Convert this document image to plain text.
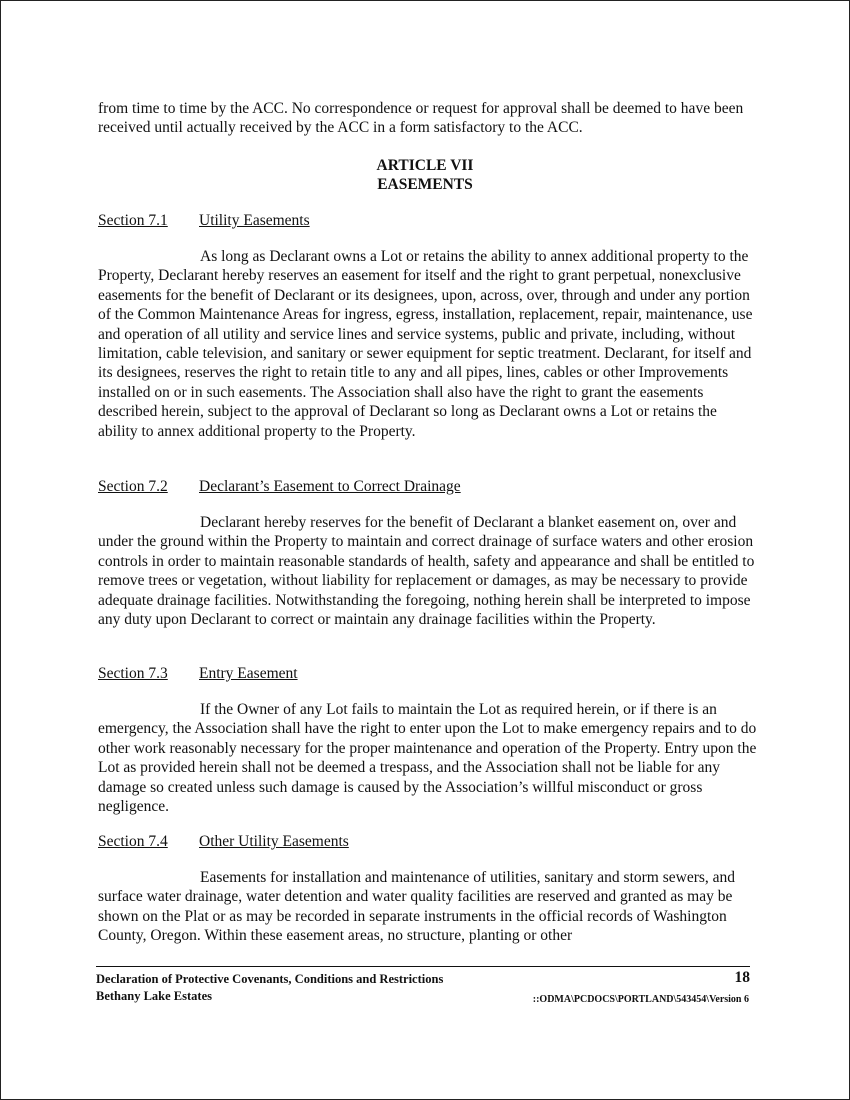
from time to time by the ACC. No correspondence or request for approval shall be deemed to have been received until actually received by the ACC in a form satisfactory to the ACC.

ARTICLE VII
EASEMENTS
Section 7.1 Utility Easements

As long as Declarant owns a Lot or retains the ability to annex additional property to the Property, Declarant hereby reserves an easement for itself and the right to grant perpetual, nonexclusive easements for the benefit of Declarant or its designees, upon, across, over, through and under any portion of the Common Maintenance Areas for ingress, egress, installation, replacement, repair, maintenance, use and operation of all utility and service lines and service systems, public and private, including, without limitation, cable television, and sanitary or sewer equipment for septic treatment. Declarant, for itself and its designees, reserves the right to retain title to any and all pipes, lines, cables or other Improvements installed on or in such easements. The Association shall also have the right to grant the easements described herein, subject to the approval of Declarant so long as Declarant owns a Lot or retains the ability to annex additional property to the Property.

Section 7.2 Declarant’s Easement to Correct Drainage

Declarant hereby reserves for the benefit of Declarant a blanket easement on, over and under the ground within the Property to maintain and correct drainage of surface waters and other erosion controls in order to maintain reasonable standards of health, safety and appearance and shall be entitled to remove trees or vegetation, without liability for replacement or damages, as may be necessary to provide adequate drainage facilities. Notwithstanding the foregoing, nothing herein shall be interpreted to impose any duty upon Declarant to correct or maintain any drainage facilities within the Property.

Section 7.3 Entry Easement

If the Owner of any Lot fails to maintain the Lot as required herein, or if there is an emergency, the Association shall have the right to enter upon the Lot to make emergency repairs and to do other work reasonably necessary for the proper maintenance and operation of the Property. Entry upon the Lot as provided herein shall not be deemed a trespass, and the Association shall not be liable for any damage so created unless such damage is caused by the Association’s willful misconduct or gross negligence.

Section 7.4 Other Utility Easements

Easements for installation and maintenance of utilities, sanitary and storm sewers, and surface water drainage, water detention and water quality facilities are reserved and granted as may be shown on the Plat or as may be recorded in separate instruments in the official records of Washington County, Oregon. Within these easement areas, no structure, planting or other

Declaration of Protective Covenants, Conditions and Restrictions
Bethany Lake Estates
18
::ODMA\PCDOCS\PORTLAND\543454\Version 6
